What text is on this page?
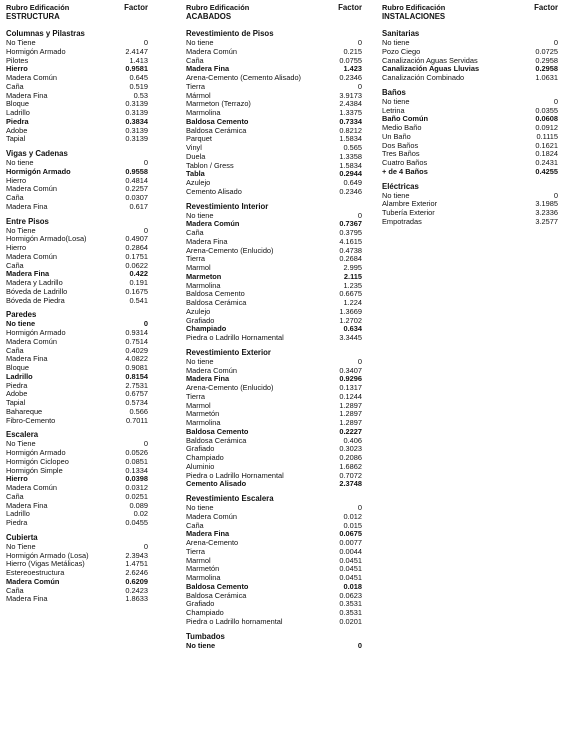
Rubro Edificación
ESTRUCTURA
Factor
Columnas y Pilastras
No Tiene	0
Hormigón Armado	2.4147
Pilotes	1.413
Hierro	0.9581
Madera Común	0.645
Caña	0.519
Madera Fina	0.53
Bloque	0.3139
Ladrillo	0.3139
Piedra	0.3834
Adobe	0.3139
Tapial	0.3139
Vigas y Cadenas
No tiene	0
Hormigón Armado	0.9558
Hierro	0.4814
Madera Común	0.2257
Caña	0.0307
Madera Fina	0.617
Entre Pisos
No Tiene	0
Hormigón Armado(Losa)	0.4907
Hierro	0.2864
Madera Común	0.1751
Caña	0.0622
Madera Fina	0.422
Madera y Ladrillo	0.191
Bóveda de Ladrillo	0.1675
Bóveda de Piedra	0.541
Paredes
No tiene	0
Hormigón Armado	0.9314
Madera Común	0.7514
Caña	0.4029
Madera Fina	4.0822
Bloque	0.9081
Ladrillo	0.8154
Piedra	2.7531
Adobe	0.6757
Tapial	0.5734
Bahareque	0.566
Fibro-Cemento	0.7011
Escalera
No Tiene	0
Hormigón Armado	0.0526
Hormigón Ciclopeo	0.0851
Hormigón Simple	0.1334
Hierro	0.0398
Madera Común	0.0312
Caña	0.0251
Madera Fina	0.089
Ladrillo	0.02
Piedra	0.0455
Cubierta
No Tiene	0
Hormigón Armado (Losa)	2.3943
Hierro (Vigas Metálicas)	1.4751
Estereoestructura	2.6246
Madera Común	0.6209
Caña	0.2423
Madera Fina	1.8633
Rubro Edificación
ACABADOS
Factor
Revestimiento de Pisos
No tiene	0
Madera Común	0.215
Caña	0.0755
Madera Fina	1.423
Arena-Cemento (Cemento Alisado)	0.2346
Tierra	0
Mármol	3.9173
Marmeton (Terrazo)	2.4384
Marmolina	1.3375
Baldosa Cemento	0.7334
Baldosa Cerámica	0.8212
Parquet	1.5834
Vinyl	0.565
Duela	1.3358
Tablon / Gress	1.5834
Tabla	0.2944
Azulejo	0.649
Cemento Alisado	0.2346
Revestimiento Interior
No tiene	0
Madera Común	0.7367
Caña	0.3795
Madera Fina	4.1615
Arena-Cemento (Enlucido)	0.4738
Tierra	0.2684
Marmol	2.995
Marmeton	2.115
Marmolina	1.235
Baldosa Cemento	0.6675
Baldosa Cerámica	1.224
Azulejo	1.3669
Grafiado	1.2702
Champiado	0.634
Piedra o Ladrillo Hornamental	3.3445
Revestimiento Exterior
No tiene	0
Madera Común	0.3407
Madera Fina	0.9296
Arena-Cemento (Enlucido)	0.1317
Tierra	0.1244
Marmol	1.2897
Marmetón	1.2897
Marmolina	1.2897
Baldosa Cemento	0.2227
Baldosa Cerámica	0.406
Grafiado	0.3023
Champiado	0.2086
Aluminio	1.6862
Piedra o Ladrillo Hornamental	0.7072
Cemento Alisado	2.3748
Revestimiento Escalera
No tiene	0
Madera Común	0.012
Caña	0.015
Madera Fina	0.0675
Arena-Cemento	0.0077
Tierra	0.0044
Marmol	0.0451
Marmetón	0.0451
Marmolina	0.0451
Baldosa Cemento	0.018
Baldosa Cerámica	0.0623
Grafiado	0.3531
Champiado	0.3531
Piedra o Ladrillo hornamental	0.0201
Tumbados
No tiene	0
Rubro Edificación
INSTALACIONES
Factor
Sanitarias
No tiene	0
Pozo Ciego	0.0725
Canalización Aguas Servidas	0.2958
Canalización Aguas Lluvias	0.2958
Canalización Combinado	1.0631
Baños
No tiene	0
Letrina	0.0355
Baño Común	0.0608
Medio Baño	0.0912
Un Baño	0.1115
Dos Baños	0.1621
Tres Baños	0.1824
Cuatro Baños	0.2431
+ de 4 Baños	0.4255
Eléctricas
No tiene	0
Alambre Exterior	3.1985
Tubería Exterior	3.2336
Empotradas	3.2577
